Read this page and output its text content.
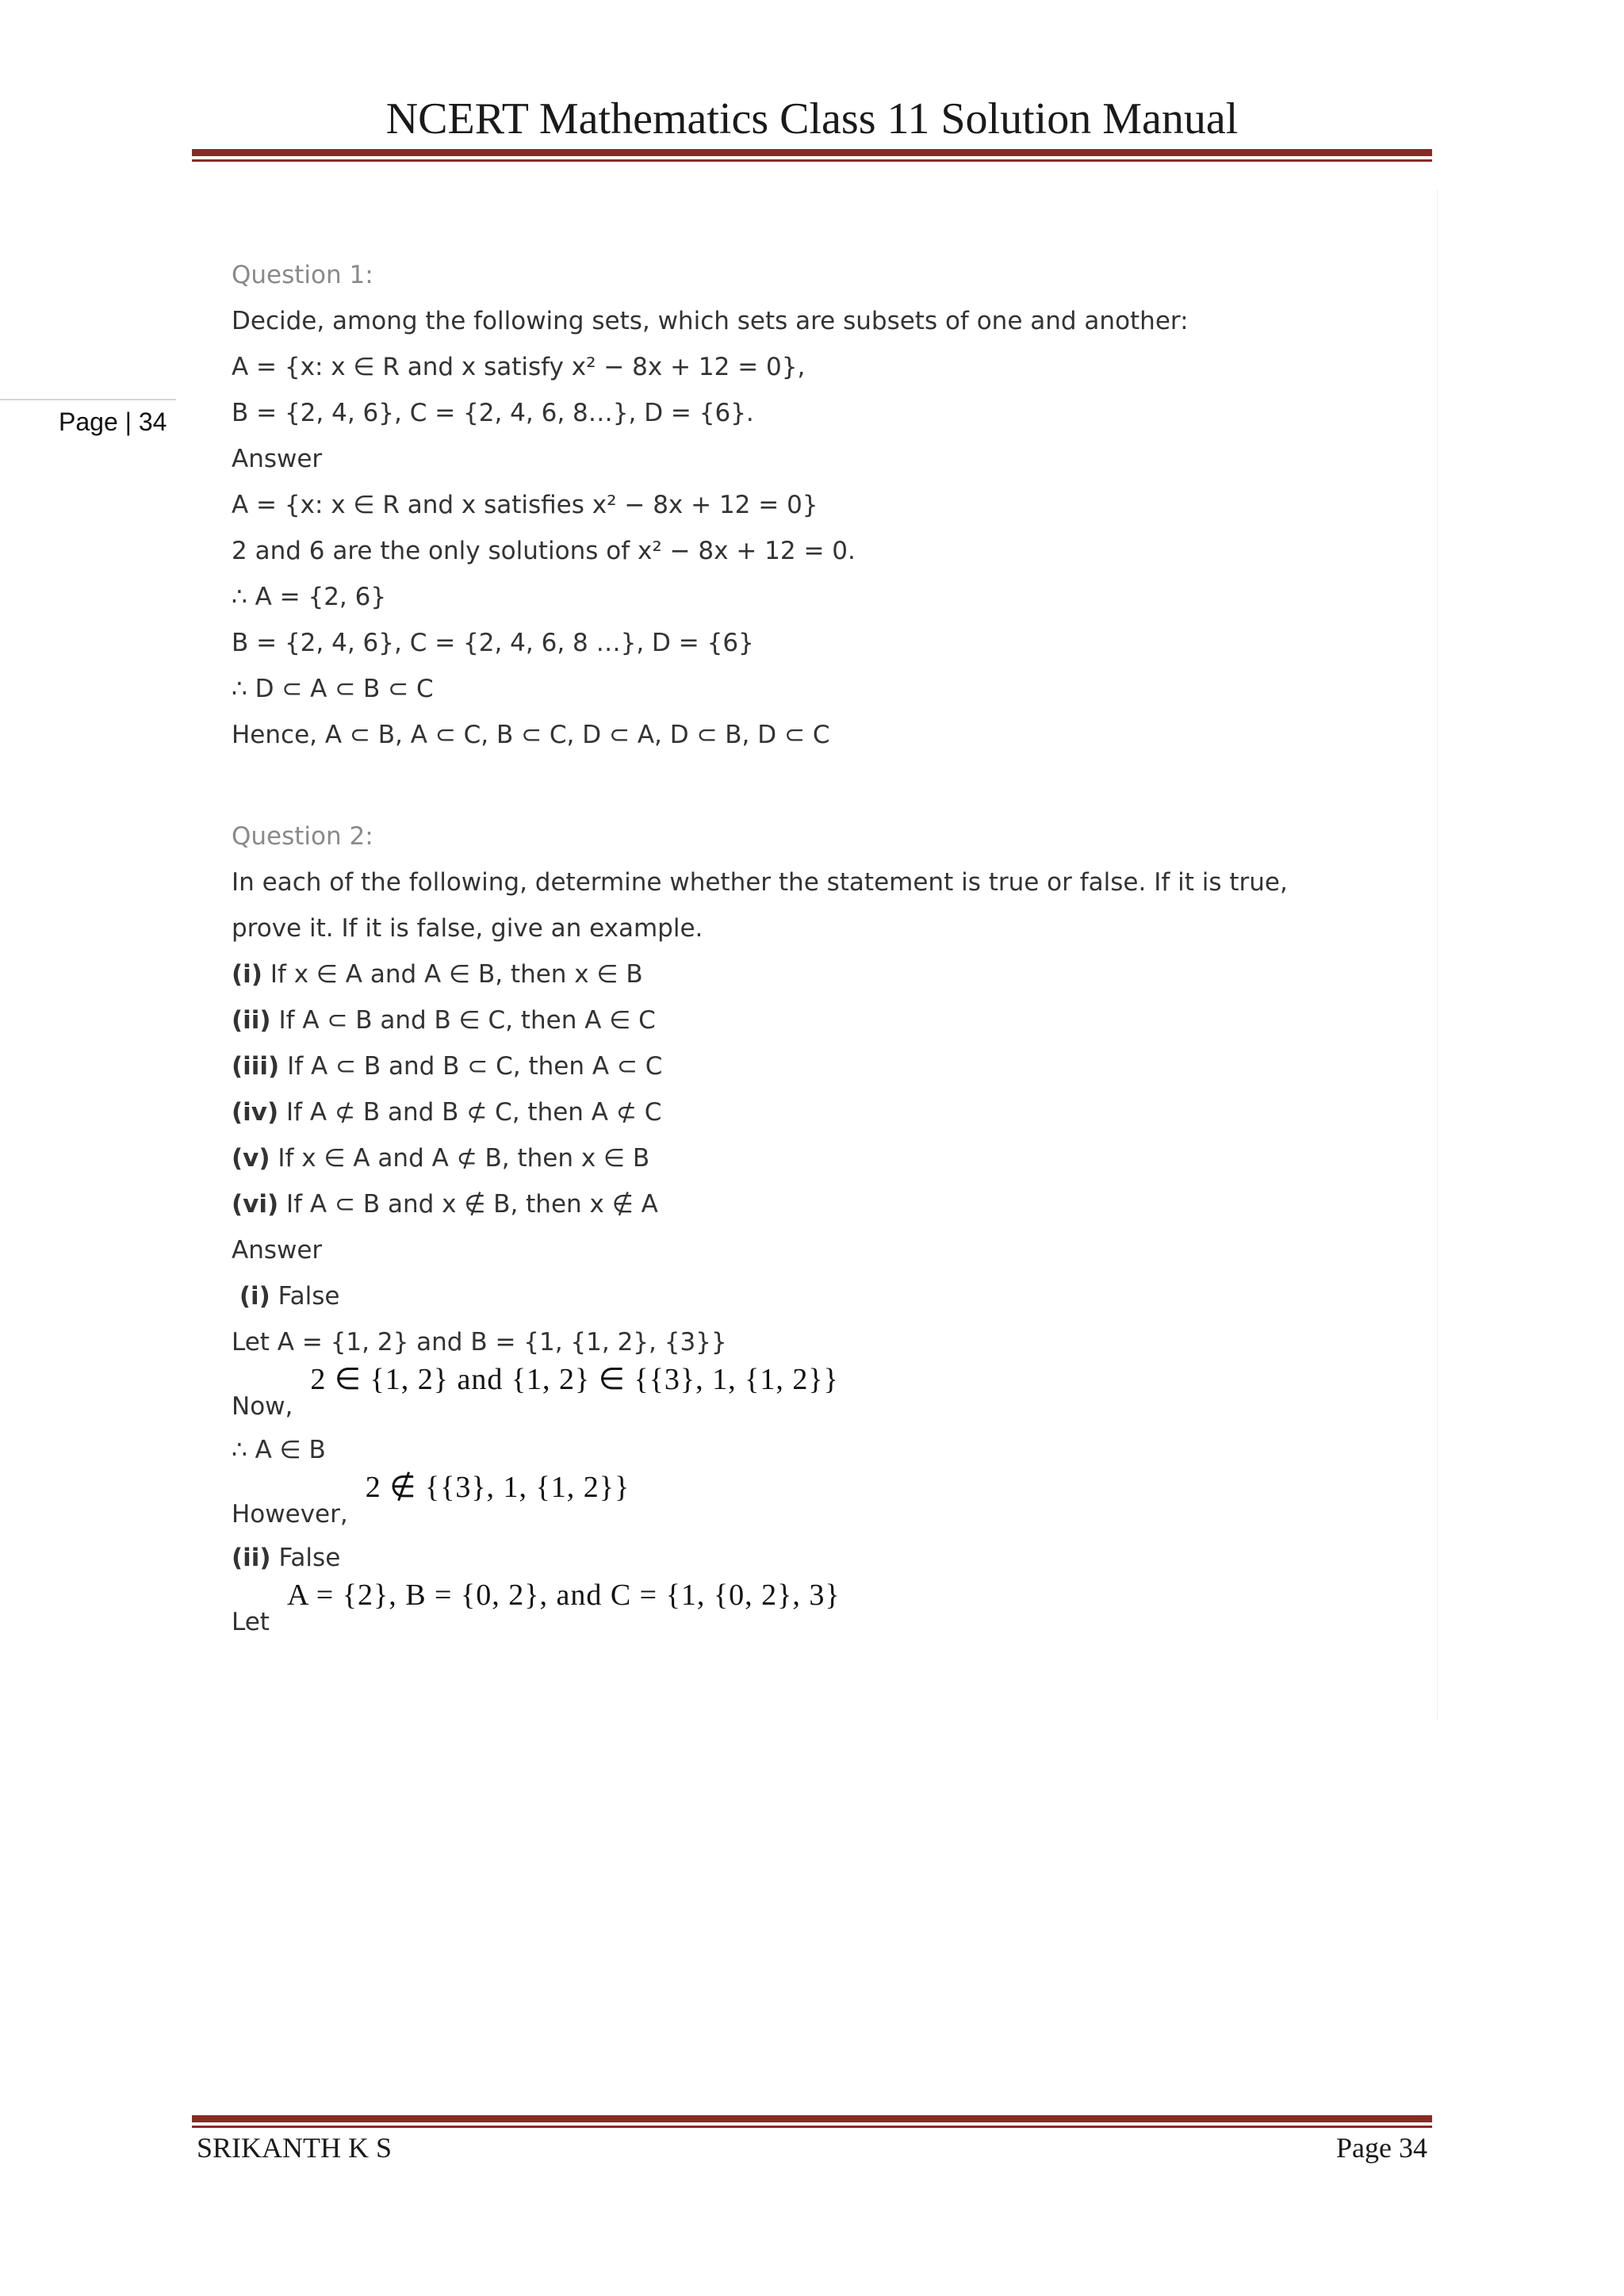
NCERT Mathematics Class 11 Solution Manual
Page | 34
Question 1:
Decide, among the following sets, which sets are subsets of one and another:
A = {x: x ∈ R and x satisfy x² − 8x + 12 = 0},
B = {2, 4, 6}, C = {2, 4, 6, 8…}, D = {6}.
Answer
A = {x: x ∈ R and x satisfies x² − 8x + 12 = 0}
2 and 6 are the only solutions of x² − 8x + 12 = 0.
∴ A = {2, 6}
B = {2, 4, 6}, C = {2, 4, 6, 8 …}, D = {6}
∴ D ⊂ A ⊂ B ⊂ C
Hence, A ⊂ B, A ⊂ C, B ⊂ C, D ⊂ A, D ⊂ B, D ⊂ C
Question 2:
In each of the following, determine whether the statement is true or false. If it is true,
prove it. If it is false, give an example.
(i) If x ∈ A and A ∈ B, then x ∈ B
(ii) If A ⊂ B and B ∈ C, then A ∈ C
(iii) If A ⊂ B and B ⊂ C, then A ⊂ C
(iv) If A ⊄ B and B ⊄ C, then A ⊄ C
(v) If x ∈ A and A ⊄ B, then x ∈ B
(vi) If A ⊂ B and x ∉ B, then x ∉ A
Answer
(i) False
Let A = {1, 2} and B = {1, {1, 2}, {3}}
Now,
2 ∈ {1, 2} and {1, 2} ∈ {{3}, 1, {1, 2}}
∴ A ∈ B
However,
2 ∉ {{3}, 1, {1, 2}}
(ii) False
Let
A = {2}, B = {0, 2}, and C = {1, {0, 2}, 3}
SRIKANTH K S	Page 34
